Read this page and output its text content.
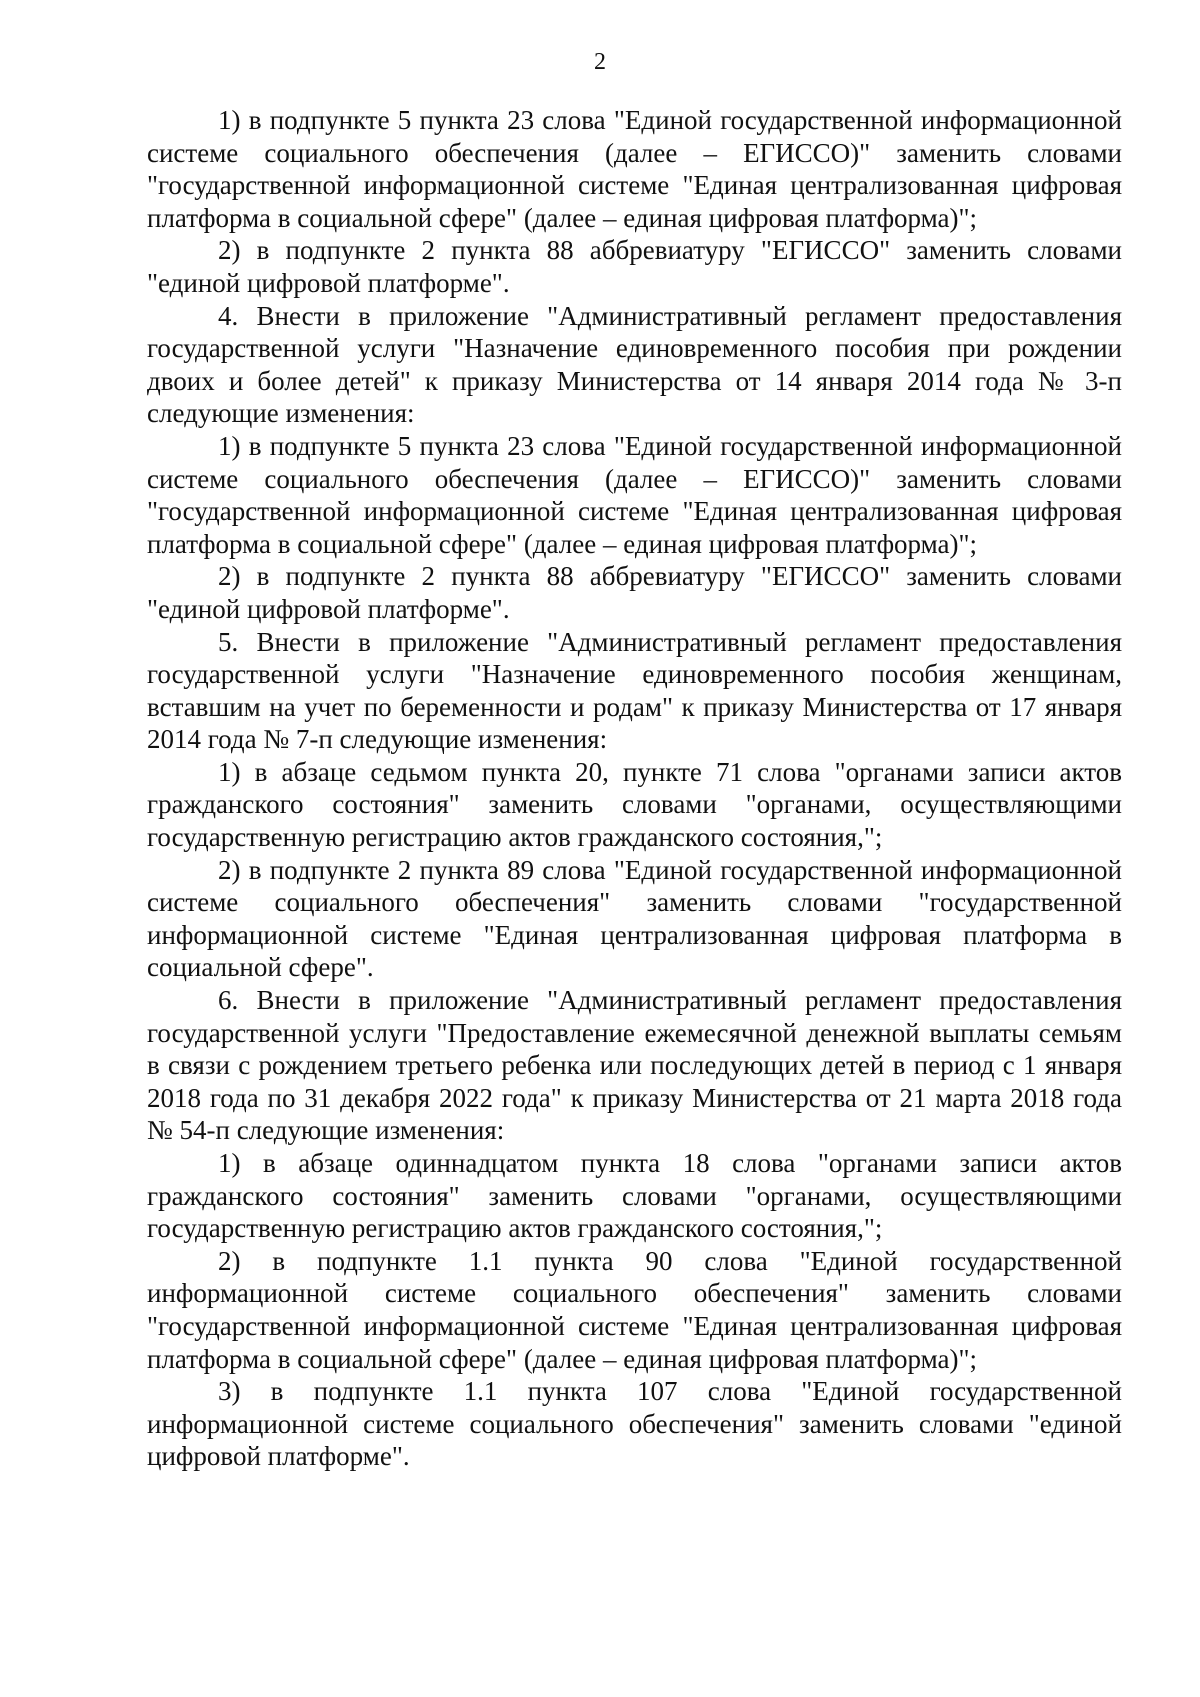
2

1) в подпункте 5 пункта 23 слова "Единой государственной информационной системе социального обеспечения (далее – ЕГИССО)" заменить словами "государственной информационной системе "Единая централизованная цифровая платформа в социальной сфере" (далее – единая цифровая платформа)";

2) в подпункте 2 пункта 88 аббревиатуру "ЕГИССО" заменить словами "единой цифровой платформе".

4. Внести в приложение "Административный регламент предоставления государственной услуги "Назначение единовременного пособия при рождении двоих и более детей" к приказу Министерства от 14 января 2014 года № 3-п следующие изменения:

1) в подпункте 5 пункта 23 слова "Единой государственной информационной системе социального обеспечения (далее – ЕГИССО)" заменить словами "государственной информационной системе "Единая централизованная цифровая платформа в социальной сфере" (далее – единая цифровая платформа)";

2) в подпункте 2 пункта 88 аббревиатуру "ЕГИССО" заменить словами "единой цифровой платформе".

5. Внести в приложение "Административный регламент предоставления государственной услуги "Назначение единовременного пособия женщинам, вставшим на учет по беременности и родам" к приказу Министерства от 17 января 2014 года № 7-п следующие изменения:

1) в абзаце седьмом пункта 20, пункте 71 слова "органами записи актов гражданского состояния" заменить словами "органами, осуществляющими государственную регистрацию актов гражданского состояния,";

2) в подпункте 2 пункта 89 слова "Единой государственной информационной системе социального обеспечения" заменить словами "государственной информационной системе "Единая централизованная цифровая платформа в социальной сфере".

6. Внести в приложение "Административный регламент предоставления государственной услуги "Предоставление ежемесячной денежной выплаты семьям в связи с рождением третьего ребенка или последующих детей в период с 1 января 2018 года по 31 декабря 2022 года" к приказу Министерства от 21 марта 2018 года № 54-п следующие изменения:

1) в абзаце одиннадцатом пункта 18 слова "органами записи актов гражданского состояния" заменить словами "органами, осуществляющими государственную регистрацию актов гражданского состояния,";

2) в подпункте 1.1 пункта 90 слова "Единой государственной информационной системе социального обеспечения" заменить словами "государственной информационной системе "Единая централизованная цифровая платформа в социальной сфере" (далее – единая цифровая платформа)";

3) в подпункте 1.1 пункта 107 слова "Единой государственной информационной системе социального обеспечения" заменить словами "единой цифровой платформе".
